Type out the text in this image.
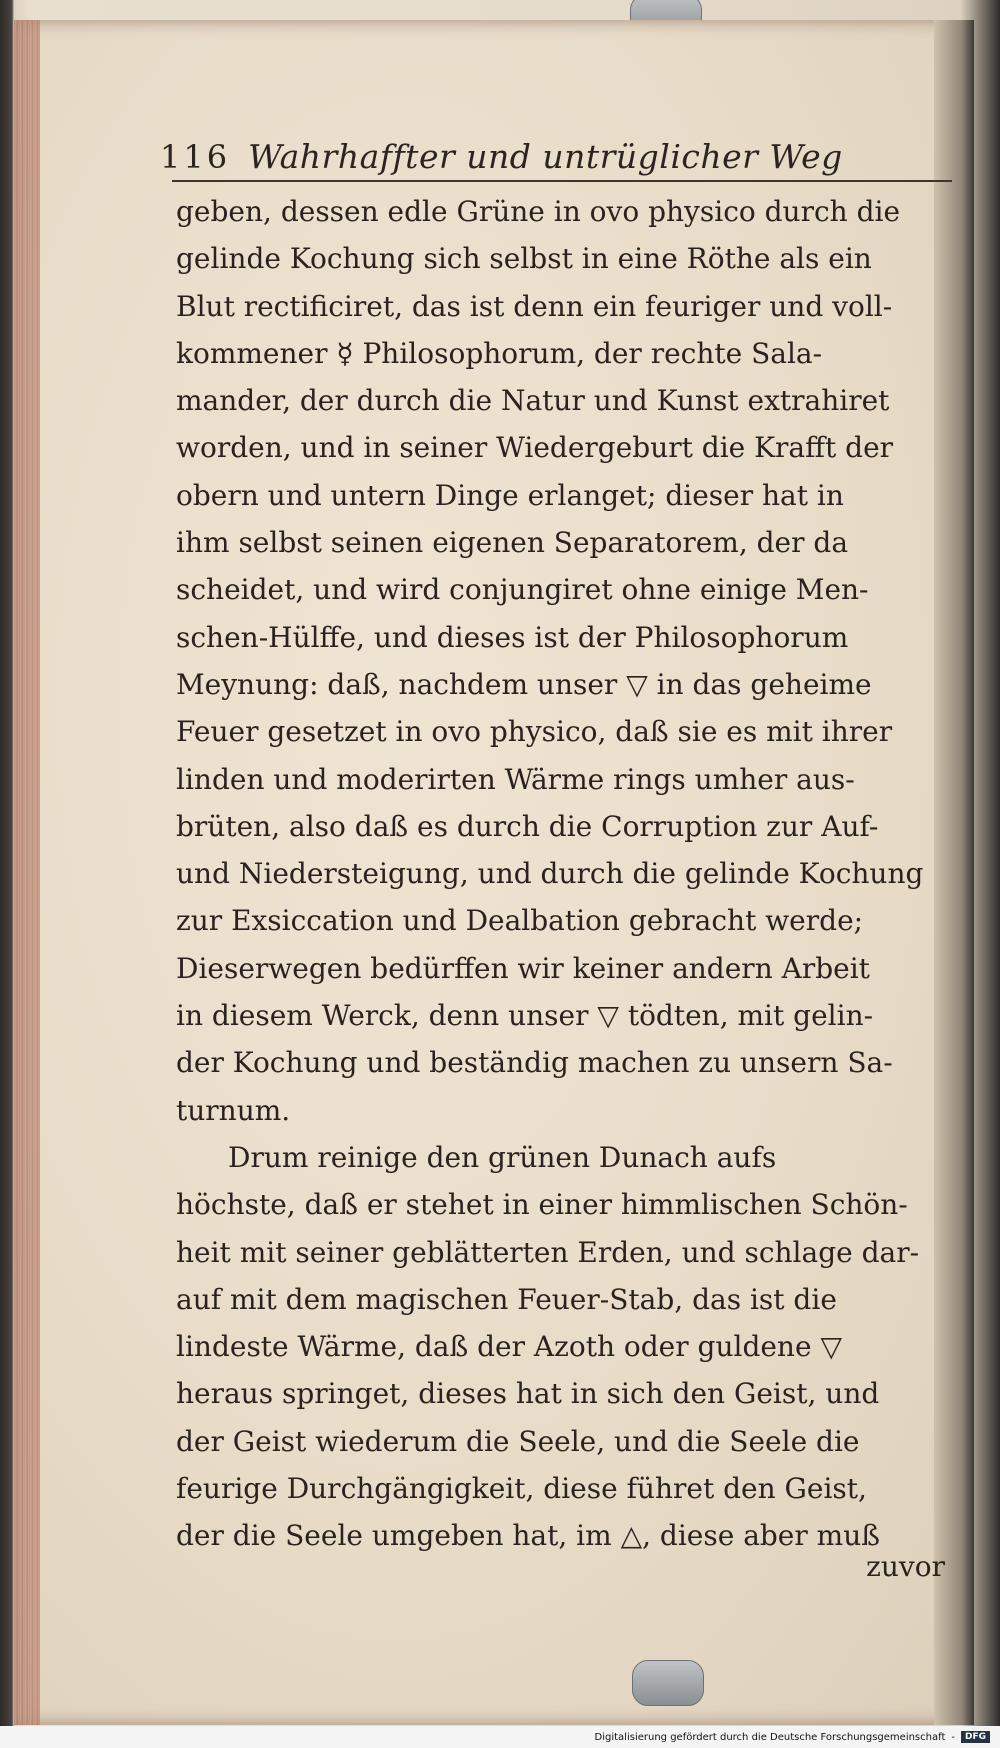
116 Wahrhaffter und untrüglicher Weg
geben, dessen edle Grüne in ovo physico durch die
gelinde Kochung sich selbst in eine Röthe als ein
Blut rectificiret, das ist denn ein feuriger und voll-
kommener ☿ Philosophorum, der rechte Sala-
mander, der durch die Natur und Kunst extrahiret
worden, und in seiner Wiedergeburt die Krafft der
obern und untern Dinge erlanget; dieser hat in
ihm selbst seinen eigenen Separatorem, der da
scheidet, und wird conjungiret ohne einige Men-
schen-Hülffe, und dieses ist der Philosophorum
Meynung: daß, nachdem unser ▽ in das geheime
Feuer gesetzet in ovo physico, daß sie es mit ihrer
linden und moderirten Wärme rings umher aus-
brüten, also daß es durch die Corruption zur Auf-
und Niedersteigung, und durch die gelinde Kochung
zur Exsiccation und Dealbation gebracht werde;
Dieserwegen bedürffen wir keiner andern Arbeit
in diesem Werck, denn unser ▽ tödten, mit gelin-
der Kochung und beständig machen zu unsern Sa-
turnum.
Drum reinige den grünen Dunach aufs
höchste, daß er stehet in einer himmlischen Schön-
heit mit seiner geblätterten Erden, und schlage dar-
auf mit dem magischen Feuer-Stab, das ist die
lindeste Wärme, daß der Azoth oder guldene ▽
heraus springet, dieses hat in sich den Geist, und
der Geist wiederum die Seele, und die Seele die
feurige Durchgängigkeit, diese führet den Geist,
der die Seele umgeben hat, im △, diese aber muß
zuvor
Digitalisierung gefördert durch die Deutsche Forschungsgemeinschaft -	DFG
